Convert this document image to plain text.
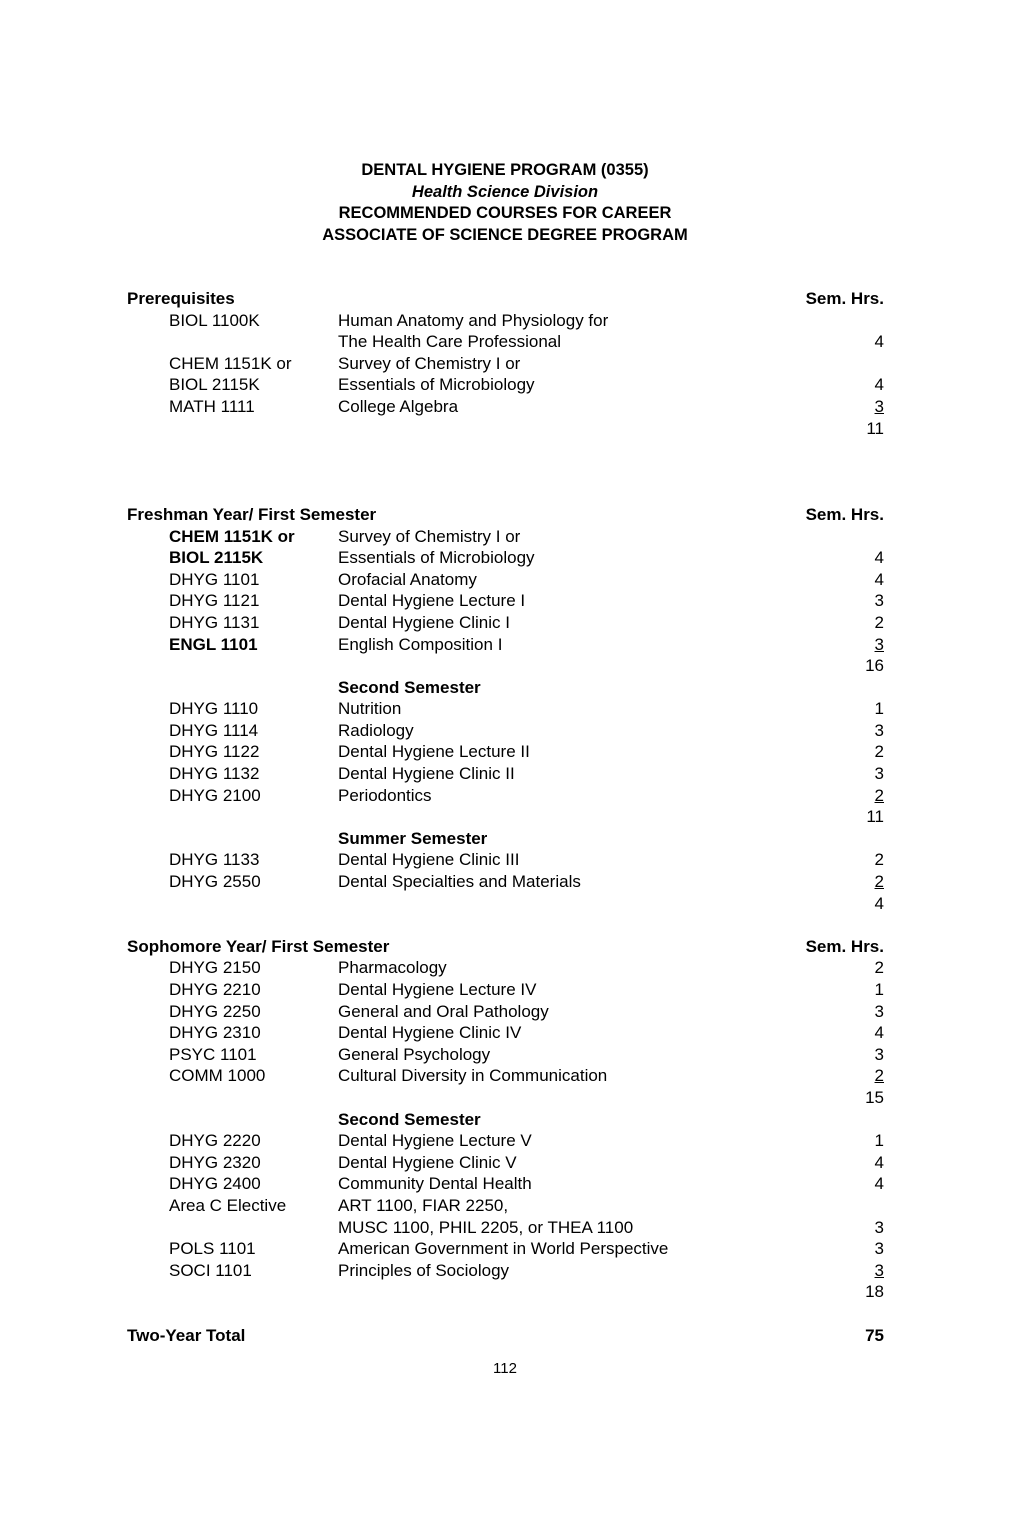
DENTAL HYGIENE PROGRAM (0355)
Health Science Division
RECOMMENDED COURSES FOR CAREER
ASSOCIATE OF SCIENCE DEGREE PROGRAM
Prerequisites	Sem. Hrs.
BIOL 1100K	Human Anatomy and Physiology for
The Health Care Professional	4
CHEM 1151K or	Survey of Chemistry I or
BIOL 2115K	Essentials of Microbiology	4
MATH 1111	College Algebra	3
11
Freshman Year/ First Semester	Sem. Hrs.
CHEM 1151K or	Survey of Chemistry I or
BIOL 2115K	Essentials of Microbiology	4
DHYG 1101	Orofacial Anatomy	4
DHYG 1121	Dental Hygiene Lecture I	3
DHYG 1131	Dental Hygiene Clinic I	2
ENGL 1101	English Composition I	3
16
Second Semester
DHYG 1110	Nutrition	1
DHYG 1114	Radiology	3
DHYG 1122	Dental Hygiene Lecture II	2
DHYG 1132	Dental Hygiene Clinic II	3
DHYG 2100	Periodontics	2
11
Summer Semester
DHYG 1133	Dental Hygiene Clinic III	2
DHYG 2550	Dental Specialties and Materials	2
4
Sophomore Year/ First Semester	Sem. Hrs.
DHYG 2150	Pharmacology	2
DHYG 2210	Dental Hygiene Lecture IV	1
DHYG 2250	General and Oral Pathology	3
DHYG 2310	Dental Hygiene Clinic IV	4
PSYC 1101	General Psychology	3
COMM 1000	Cultural Diversity in Communication	2
15
Second Semester
DHYG 2220	Dental Hygiene Lecture V	1
DHYG 2320	Dental Hygiene Clinic V	4
DHYG 2400	Community Dental Health	4
Area C Elective	ART 1100, FIAR 2250,
MUSC 1100, PHIL 2205, or THEA 1100	3
POLS 1101	American Government in World Perspective	3
SOCI 1101	Principles of Sociology	3
18
Two-Year Total	75
112
